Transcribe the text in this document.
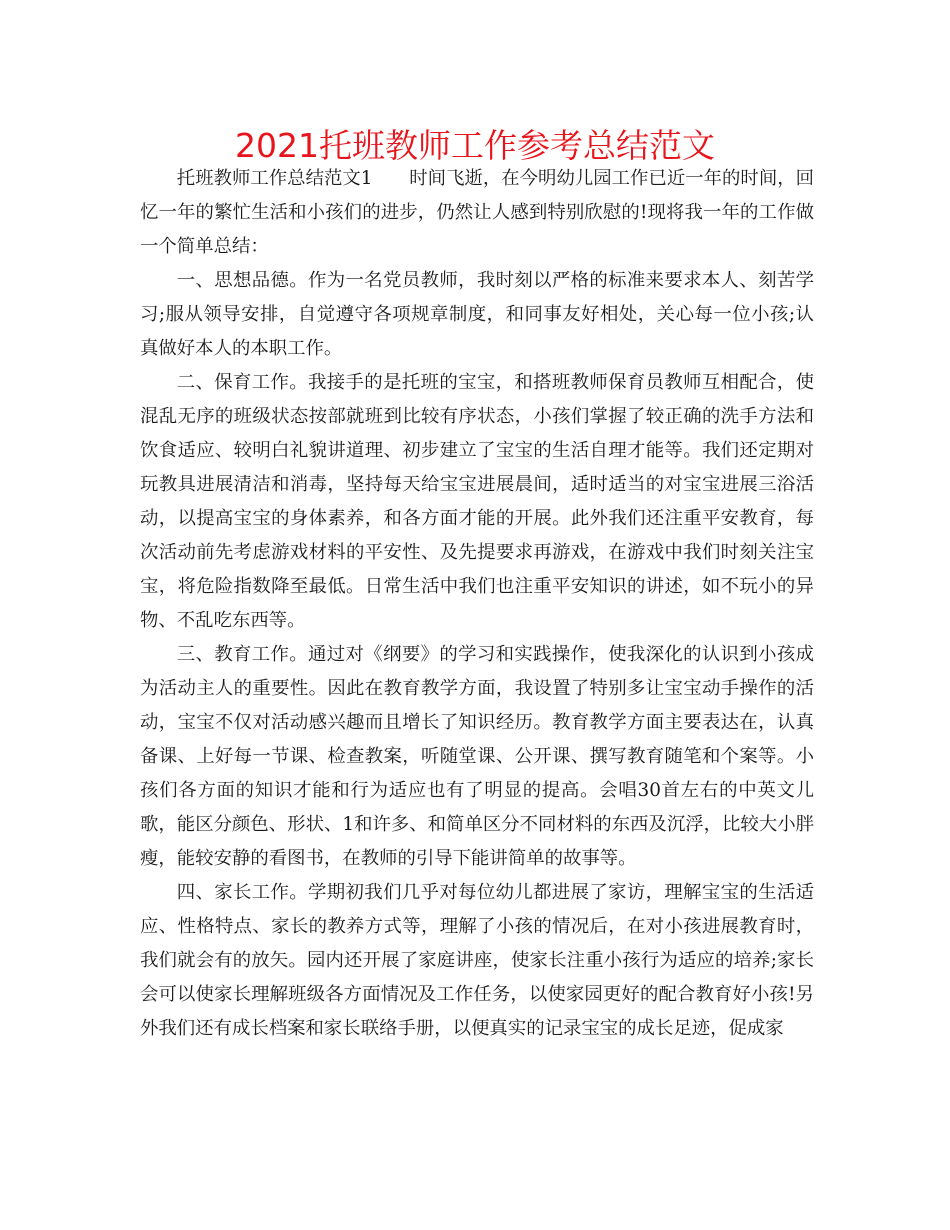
2021托班教师工作参考总结范文

托班教师工作总结范文1　　时间飞逝，在今明幼儿园工作已近一年的时间，回忆一年的繁忙生活和小孩们的进步，仍然让人感到特别欣慰的!现将我一年的工作做一个简单总结：

一、思想品德。作为一名党员教师，我时刻以严格的标准来要求本人、刻苦学习;服从领导安排，自觉遵守各项规章制度，和同事友好相处，关心每一位小孩;认真做好本人的本职工作。

二、保育工作。我接手的是托班的宝宝，和搭班教师保育员教师互相配合，使混乱无序的班级状态按部就班到比较有序状态，小孩们掌握了较正确的洗手方法和饮食适应、较明白礼貌讲道理、初步建立了宝宝的生活自理才能等。我们还定期对玩教具进展清洁和消毒，坚持每天给宝宝进展晨间，适时适当的对宝宝进展三浴活动，以提高宝宝的身体素养，和各方面才能的开展。此外我们还注重平安教育，每次活动前先考虑游戏材料的平安性、及先提要求再游戏，在游戏中我们时刻关注宝宝，将危险指数降至最低。日常生活中我们也注重平安知识的讲述，如不玩小的异物、不乱吃东西等。

三、教育工作。通过对《纲要》的学习和实践操作，使我深化的认识到小孩成为活动主人的重要性。因此在教育教学方面，我设置了特别多让宝宝动手操作的活动，宝宝不仅对活动感兴趣而且增长了知识经历。教育教学方面主要表达在，认真备课、上好每一节课、检查教案，听随堂课、公开课、撰写教育随笔和个案等。小孩们各方面的知识才能和行为适应也有了明显的提高。会唱30首左右的中英文儿歌，能区分颜色、形状、1和许多、和简单区分不同材料的东西及沉浮，比较大小胖瘦，能较安静的看图书，在教师的引导下能讲简单的故事等。

四、家长工作。学期初我们几乎对每位幼儿都进展了家访，理解宝宝的生活适应、性格特点、家长的教养方式等，理解了小孩的情况后，在对小孩进展教育时，我们就会有的放矢。园内还开展了家庭讲座，使家长注重小孩行为适应的培养;家长会可以使家长理解班级各方面情况及工作任务，以使家园更好的配合教育好小孩!另外我们还有成长档案和家长联络手册，以便真实的记录宝宝的成长足迹，促成家
